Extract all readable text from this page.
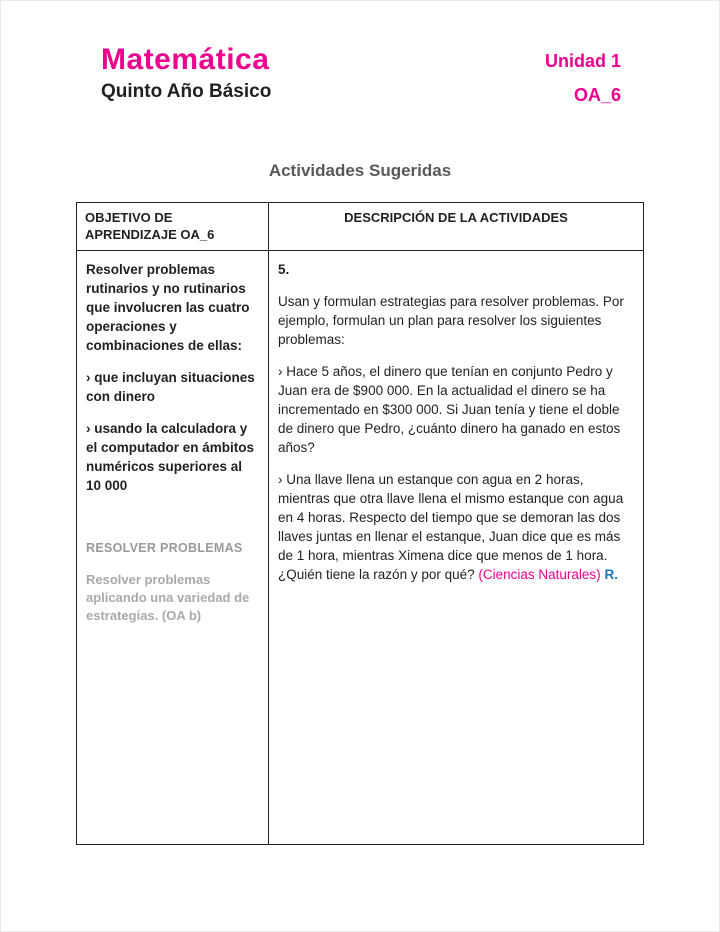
Matemática
Quinto Año Básico
Unidad 1
OA_6
Actividades Sugeridas
OBJETIVO DE APRENDIZAJE OA_6
DESCRIPCIÓN DE LA ACTIVIDADES

Resolver problemas rutinarios y no rutinarios que involucren las cuatro operaciones y combinaciones de ellas:

› que incluyan situaciones con dinero

› usando la calculadora y el computador en ámbitos numéricos superiores al 10 000

RESOLVER PROBLEMAS

Resolver problemas aplicando una variedad de estrategias. (OA b)

5.

Usan y formulan estrategias para resolver problemas. Por ejemplo, formulan un plan para resolver los siguientes problemas:

› Hace 5 años, el dinero que tenían en conjunto Pedro y Juan era de $900 000. En la actualidad el dinero se ha incrementado en $300 000. Si Juan tenía y tiene el doble de dinero que Pedro, ¿cuánto dinero ha ganado en estos años?

› Una llave llena un estanque con agua en 2 horas, mientras que otra llave llena el mismo estanque con agua en 4 horas. Respecto del tiempo que se demoran las dos llaves juntas en llenar el estanque, Juan dice que es más de 1 hora, mientras Ximena dice que menos de 1 hora. ¿Quién tiene la razón y por qué? (Ciencias Naturales) R.
